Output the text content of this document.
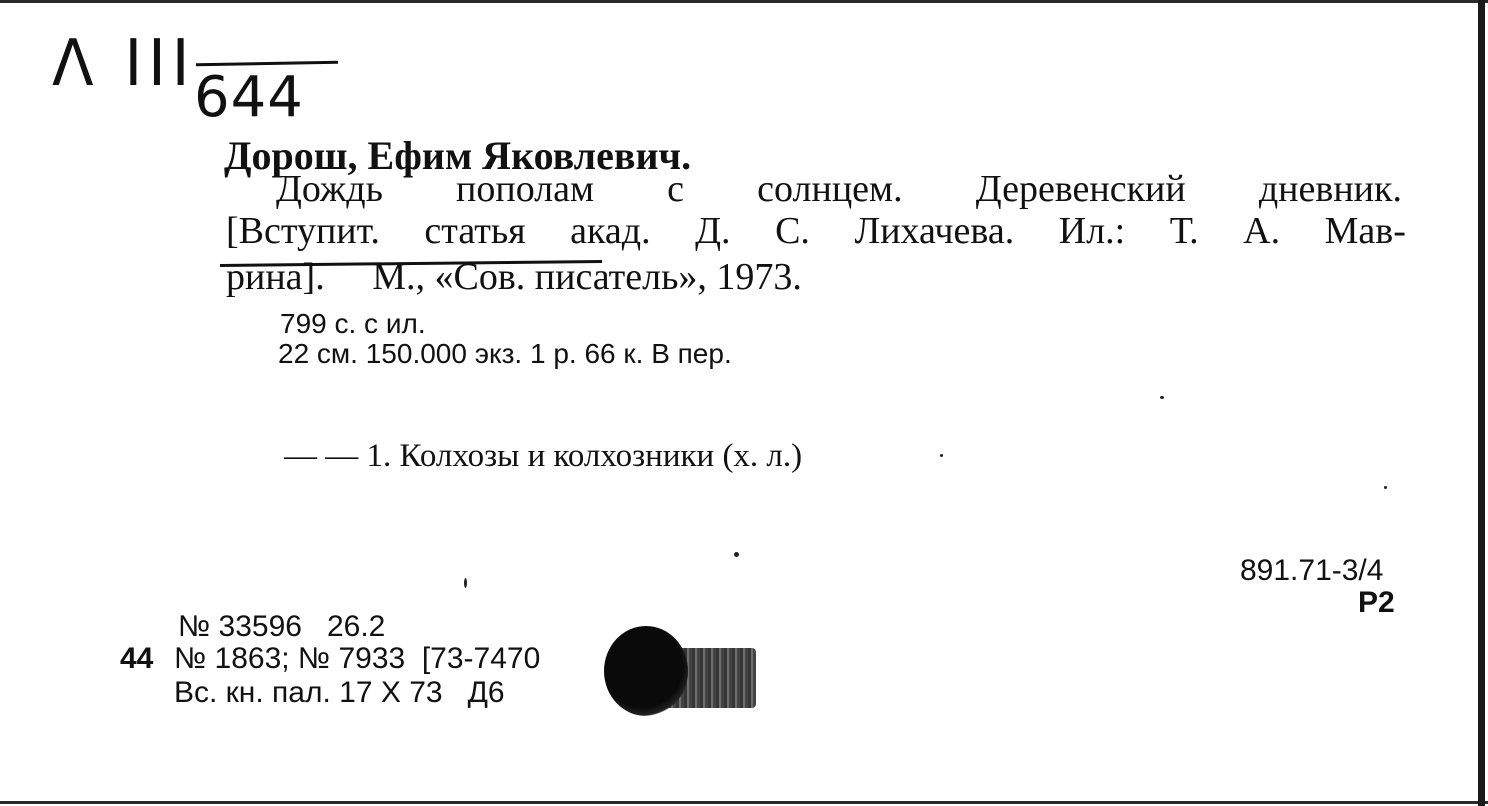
Λ III
644
Дорош, Ефим Яковлевич.
Дождь пополам с солнцем. Деревенский дневник.
[Вступит. статья акад. Д. С. Лихачева. Ил.: Т. А. Мав-
рина].     М., «Сов. писатель», 1973.
799 с. с ил.
22 см. 150.000 экз. 1 р. 66 к. В пер.
— — 1. Колхозы и колхозники (х. л.)
891.71-3/4
Р2
№ 33596   26.2
44 № 1863; № 7933  [73-7470
Вс. кн. пал. 17 X 73   Д6
